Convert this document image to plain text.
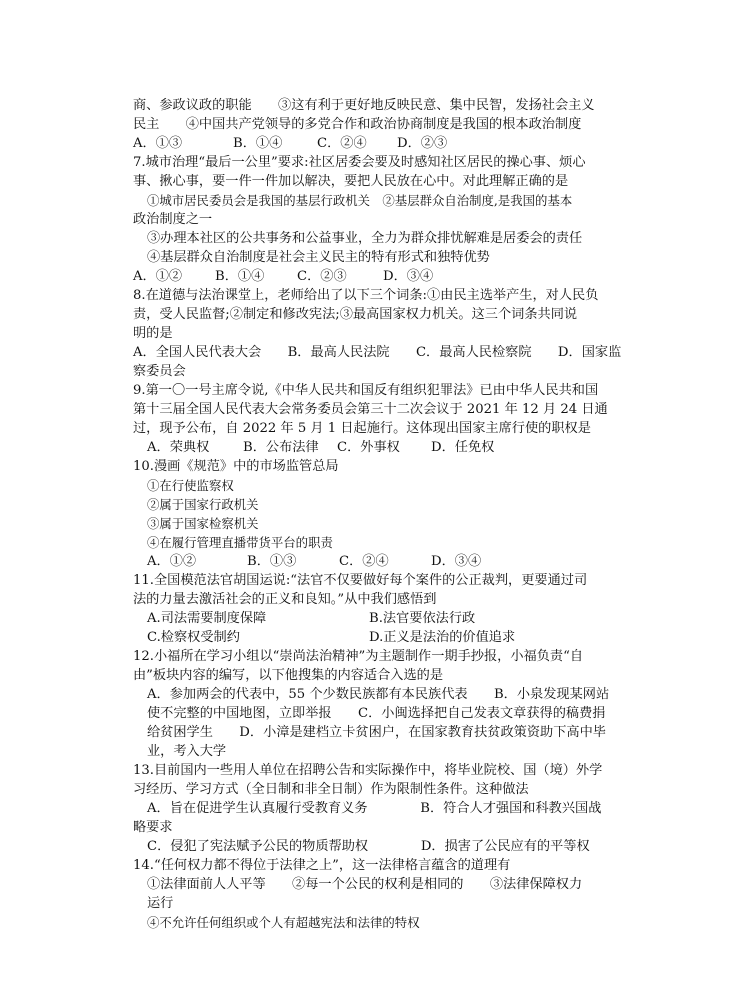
商、参政议政的职能　　③这有利于更好地反映民意、集中民智，发扬社会主义
民主　　④中国共产党领导的多党合作和政治协商制度是我国的根本政治制度
A．①③	B．①④	C．②④ D．②③
7.城市治理“最后一公里”要求:社区居委会要及时感知社区居民的操心事、烦心
事、揪心事，要一件一件加以解决，要把人民放在心中。对此理解正确的是
①城市居民委员会是我国的基层行政机关　②基层群众自治制度,是我国的基本
政治制度之一
③办理本社区的公共事务和公益事业，全力为群众排忧解难是居委会的责任
④基层群众自治制度是社会主义民主的特有形式和独特优势
A．①② B．①④ C．②③	D．③④
8.在道德与法治课堂上，老师给出了以下三个词条:①由民主选举产生，对人民负
责，受人民监督;②制定和修改宪法;③最高国家权力机关。这三个词条共同说
明的是
A．全国人民代表大会　　B．最高人民法院　　C．最高人民检察院　　D．国家监
察委员会
9.第一〇一号主席令说,《中华人民共和国反有组织犯罪法》已由中华人民共和国
第十三届全国人民代表大会常务委员会第三十二次会议于 2021 年 12 月 24 日通
过，现予公布，自 2022 年 5 月 1 日起施行。这体现出国家主席行使的职权是
A．荣典权	B．公布法律 C．外事权 D．任免权
10.漫画《规范》中的市场监管总局
①在行使监察权
②属于国家行政机关
③属于国家检察机关
④在履行管理直播带货平台的职责
A．①②	B．①③	C．②④	D．③④
11.全国模范法官胡国运说:“法官不仅要做好每个案件的公正裁判，更要通过司
法的力量去激活社会的正义和良知。”从中我们感悟到
A.司法需要制度保障	B.法官要依法行政
C.检察权受制约	D.正义是法治的价值追求
12.小福所在学习小组以“崇尚法治精神”为主题制作一期手抄报，小福负责“自
由”板块内容的编写，以下他搜集的内容适合入选的是
A．参加两会的代表中，55 个少数民族都有本民族代表　　B．小泉发现某网站
使不完整的中国地图，立即举报　　C．小闽选择把自己发表文章获得的稿费捐
给贫困学生　　D．小漳是建档立卡贫困户，在国家教育扶贫政策资助下高中毕
业，考入大学
13.目前国内一些用人单位在招聘公告和实际操作中，将毕业院校、国（境）外学
习经历、学习方式（全日制和非全日制）作为限制性条件。这种做法
A．旨在促进学生认真履行受教育义务　　　　B．符合人才强国和科教兴国战
略要求
C．侵犯了宪法赋予公民的物质帮助权　　　　D．损害了公民应有的平等权
14.“任何权力都不得位于法律之上”，这一法律格言蕴含的道理有
①法律面前人人平等　　②每一个公民的权利是相同的　　③法律保障权力
运行
④不允许任何组织或个人有超越宪法和法律的特权
